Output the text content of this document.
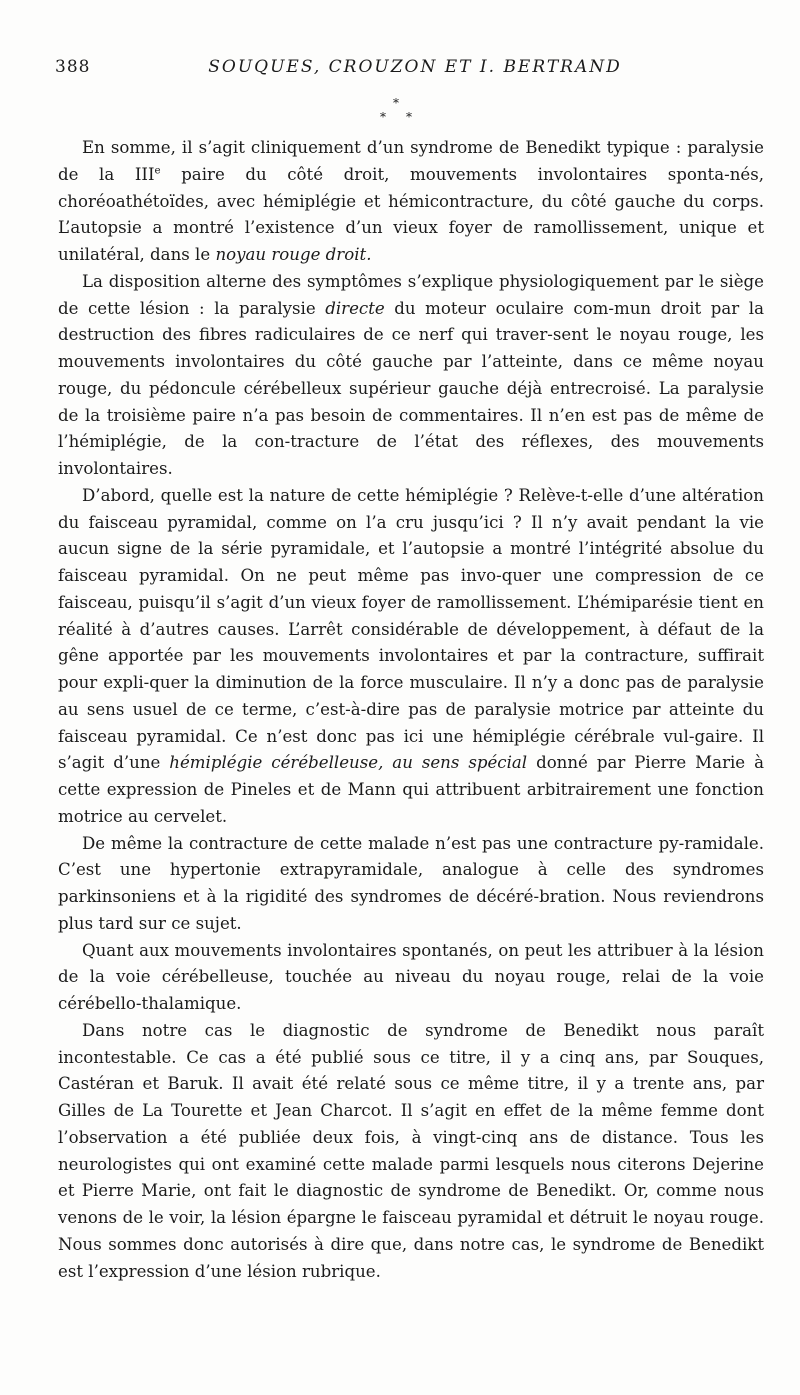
388	SOUQUES, CROUZON ET I. BERTRAND
*
* *

En somme, il s’agit cliniquement d’un syndrome de Benedikt typique : paralysie de la IIIe paire du côté droit, mouvements involontaires sponta-nés, choréoathétoïdes, avec hémiplégie et hémicontracture, du côté gauche du corps. L’autopsie a montré l’existence d’un vieux foyer de ramollissement, unique et unilatéral, dans le noyau rouge droit.

La disposition alterne des symptômes s’explique physiologiquement par le siège de cette lésion : la paralysie directe du moteur oculaire com-mun droit par la destruction des fibres radiculaires de ce nerf qui traver-sent le noyau rouge, les mouvements involontaires du côté gauche par l’atteinte, dans ce même noyau rouge, du pédoncule cérébelleux supérieur gauche déjà entrecroisé. La paralysie de la troisième paire n’a pas besoin de commentaires. Il n’en est pas de même de l’hémiplégie, de la con-tracture de l’état des réflexes, des mouvements involontaires.

D’abord, quelle est la nature de cette hémiplégie ? Relève-t-elle d’une altération du faisceau pyramidal, comme on l’a cru jusqu’ici ? Il n’y avait pendant la vie aucun signe de la série pyramidale, et l’autopsie a montré l’intégrité absolue du faisceau pyramidal. On ne peut même pas invo-quer une compression de ce faisceau, puisqu’il s’agit d’un vieux foyer de ramollissement. L’hémiparésie tient en réalité à d’autres causes. L’arrêt considérable de développement, à défaut de la gêne apportée par les mouvements involontaires et par la contracture, suffirait pour expli-quer la diminution de la force musculaire. Il n’y a donc pas de paralysie au sens usuel de ce terme, c’est-à-dire pas de paralysie motrice par atteinte du faisceau pyramidal. Ce n’est donc pas ici une hémiplégie cérébrale vul-gaire. Il s’agit d’une hémiplégie cérébelleuse, au sens spécial donné par Pierre Marie à cette expression de Pineles et de Mann qui attribuent arbitrairement une fonction motrice au cervelet.

De même la contracture de cette malade n’est pas une contracture py-ramidale. C’est une hypertonie extrapyramidale, analogue à celle des syndromes parkinsoniens et à la rigidité des syndromes de décéré-bration. Nous reviendrons plus tard sur ce sujet.

Quant aux mouvements involontaires spontanés, on peut les attribuer à la lésion de la voie cérébelleuse, touchée au niveau du noyau rouge, relai de la voie cérébello-thalamique.

Dans notre cas le diagnostic de syndrome de Benedikt nous paraît incontestable. Ce cas a été publié sous ce titre, il y a cinq ans, par Souques, Castéran et Baruk. Il avait été relaté sous ce même titre, il y a trente ans, par Gilles de La Tourette et Jean Charcot. Il s’agit en effet de la même femme dont l’observation a été publiée deux fois, à vingt-cinq ans de distance. Tous les neurologistes qui ont examiné cette malade parmi lesquels nous citerons Dejerine et Pierre Marie, ont fait le diagnostic de syndrome de Benedikt. Or, comme nous venons de le voir, la lésion épargne le faisceau pyramidal et détruit le noyau rouge. Nous sommes donc autorisés à dire que, dans notre cas, le syndrome de Benedikt est l’expression d’une lésion rubrique.
